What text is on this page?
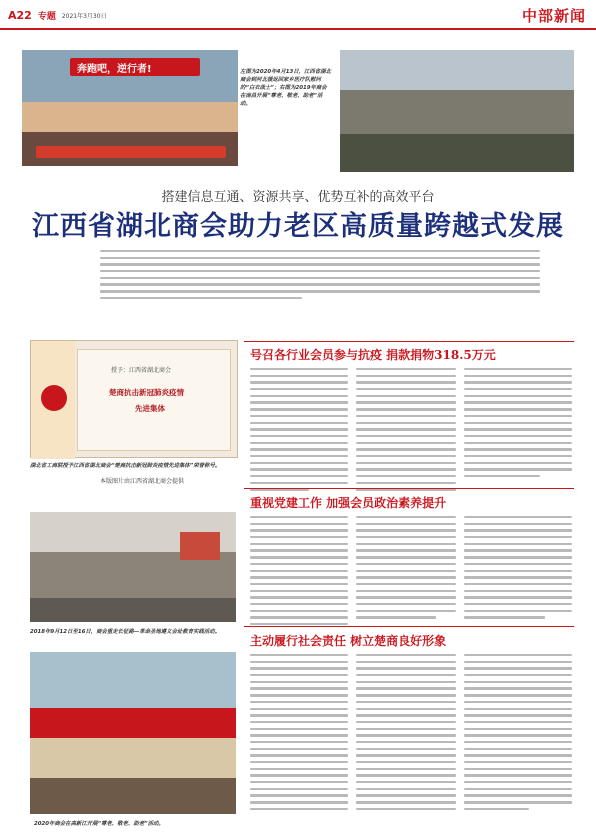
A22 专题 2021年3月30日	中部新闻
奔跑吧，逆行者!	左图为2020年4月13日，江西省湖北商会到河北援返回家乡医疗队慰问的“白衣战士”；右图为2019年商会在南昌开展“尊老、敬老、助老”活动。
搭建信息互通、资源共享、优势互补的高效平台
江西省湖北商会助力老区高质量跨越式发展
授予：江西省湖北商会
楚商抗击新冠肺炎疫情
先进集体
湖北省工商联授予江西省湖北商会“楚商抗击新冠肺炎疫情先进集体”荣誉称号。
本版图片由江西省湖北商会提供
号召各行业会员参与抗疫 捐款捐物318.5万元
重视党建工作 加强会员政治素养提升
2018年9月12日至16日，商会重走长征路—革命圣地遵义会址教育实践活动。
主动履行社会责任 树立楚商良好形象
2020年商会在高新江开展“尊老、敬老、助老”活动。
